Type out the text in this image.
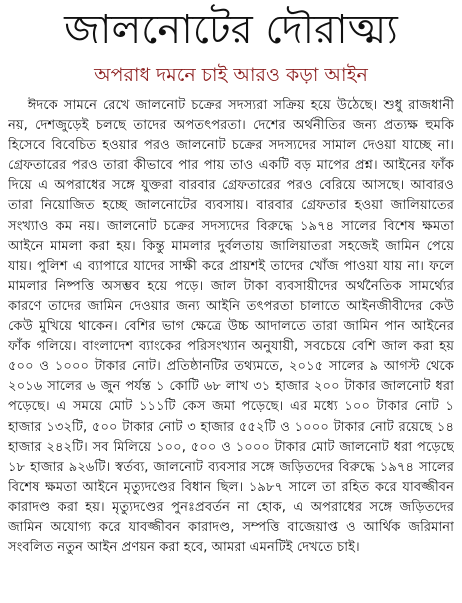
জালনোটের দৌরাত্ম্য
অপরাধ দমনে চাই আরও কড়া আইন

ঈদকে সামনে রেখে জালনোট চক্রের সদস্যরা সক্রিয় হয়ে উঠেছে। শুধু রাজধানী নয়, দেশজুড়েই চলছে তাদের অপতৎপরতা। দেশের অর্থনীতির জন্য প্রত্যক্ষ হুমকি হিসেবে বিবেচিত হওয়ার পরও জালনোট চক্রের সদস্যদের সামাল দেওয়া যাচ্ছে না। গ্রেফতারের পরও তারা কীভাবে পার পায় তাও একটি বড় মাপের প্রশ্ন। আইনের ফাঁক দিয়ে এ অপরাধের সঙ্গে যুক্তরা বারবার গ্রেফতারের পরও বেরিয়ে আসছে। আবারও তারা নিয়োজিত হচ্ছে জালনোটের ব্যবসায়। বারবার গ্রেফতার হওয়া জালিয়াতের সংখ্যাও কম নয়। জালনোট চক্রের সদস্যদের বিরুদ্ধে ১৯৭৪ সালের বিশেষ ক্ষমতা আইনে মামলা করা হয়। কিন্তু মামলার দুর্বলতায় জালিয়াতরা সহজেই জামিন পেয়ে যায়। পুলিশ এ ব্যাপারে যাদের সাক্ষী করে প্রায়শই তাদের খোঁজ পাওয়া যায় না। ফলে মামলার নিষ্পত্তি অসম্ভব হয়ে পড়ে। জাল টাকা ব্যবসায়ীদের অর্থনৈতিক সামর্থ্যের কারণে তাদের জামিন দেওয়ার জন্য আইনি তৎপরতা চালাতে আইনজীবীদের কেউ কেউ মুখিয়ে থাকেন। বেশির ভাগ ক্ষেত্রে উচ্চ আদালতে তারা জামিন পান আইনের ফাঁক গলিয়ে। বাংলাদেশ ব্যাংকের পরিসংখ্যান অনুযায়ী, সবচেয়ে বেশি জাল করা হয় ৫০০ ও ১০০০ টাকার নোট। প্রতিষ্ঠানটির তথ্যমতে, ২০১৫ সালের ৯ আগস্ট থেকে ২০১৬ সালের ৬ জুন পর্যন্ত ১ কোটি ৬৮ লাখ ৩১ হাজার ২০০ টাকার জালনোট ধরা পড়েছে। এ সময়ে মোট ১১১টি কেস জমা পড়েছে। এর মধ্যে ১০০ টাকার নোট ১ হাজার ১৩২টি, ৫০০ টাকার নোট ৩ হাজার ৫৫২টি ও ১০০০ টাকার নোট রয়েছে ১৪ হাজার ২৪২টি। সব মিলিয়ে ১০০, ৫০০ ও ১০০০ টাকার মোট জালনোট ধরা পড়েছে ১৮ হাজার ৯২৬টি। স্বর্তব্য, জালনোট ব্যবসার সঙ্গে জড়িতদের বিরুদ্ধে ১৯৭৪ সালের বিশেষ ক্ষমতা আইনে মৃত্যুদণ্ডের বিধান ছিল। ১৯৮৭ সালে তা রহিত করে যাবজ্জীবন কারাদণ্ড করা হয়। মৃত্যুদণ্ডের পুনঃপ্রবর্তন না হোক, এ অপরাধের সঙ্গে জড়িতদের জামিন অযোগ্য করে যাবজ্জীবন কারাদণ্ড, সম্পত্তি বাজেয়াপ্ত ও আর্থিক জরিমানা সংবলিত নতুন আইন প্রণয়ন করা হবে, আমরা এমনটিই দেখতে চাই।
